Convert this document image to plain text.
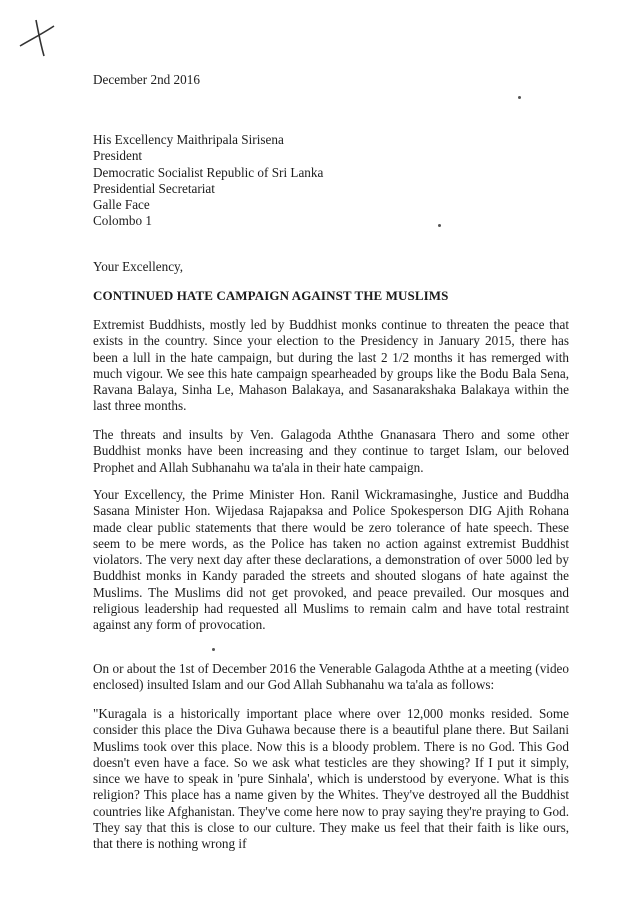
December 2nd 2016
His Excellency Maithripala Sirisena
President
Democratic Socialist Republic of Sri Lanka
Presidential Secretariat
Galle Face
Colombo 1
Your Excellency,
CONTINUED HATE CAMPAIGN AGAINST THE MUSLIMS
Extremist Buddhists, mostly led by Buddhist monks continue to threaten the peace that exists in the country. Since your election to the Presidency in January 2015, there has been a lull in the hate campaign, but during the last 2 1/2 months it has remerged with much vigour. We see this hate campaign spearheaded by groups like the Bodu Bala Sena, Ravana Balaya, Sinha Le, Mahason Balakaya, and Sasanarakshaka Balakaya within the last three months.
The threats and insults by Ven. Galagoda Aththe Gnanasara Thero and some other Buddhist monks have been increasing and they continue to target Islam, our beloved Prophet and Allah Subhanahu wa ta'ala in their hate campaign.
Your Excellency, the Prime Minister Hon. Ranil Wickramasinghe, Justice and Buddha Sasana Minister Hon. Wijedasa Rajapaksa and Police Spokesperson DIG Ajith Rohana made clear public statements that there would be zero tolerance of hate speech. These seem to be mere words, as the Police has taken no action against extremist Buddhist violators. The very next day after these declarations, a demonstration of over 5000 led by Buddhist monks in Kandy paraded the streets and shouted slogans of hate against the Muslims. The Muslims did not get provoked, and peace prevailed. Our mosques and religious leadership had requested all Muslims to remain calm and have total restraint against any form of provocation.
On or about the 1st of December 2016 the Venerable Galagoda Aththe at a meeting (video enclosed) insulted Islam and our God Allah Subhanahu wa ta'ala as follows:
"Kuragala is a historically important place where over 12,000 monks resided. Some consider this place the Diva Guhawa because there is a beautiful plane there. But Sailani Muslims took over this place. Now this is a bloody problem. There is no God. This God doesn't even have a face. So we ask what testicles are they showing? If I put it simply, since we have to speak in 'pure Sinhala', which is understood by everyone. What is this religion? This place has a name given by the Whites. They've destroyed all the Buddhist countries like Afghanistan. They've come here now to pray saying they're praying to God. They say that this is close to our culture. They make us feel that their faith is like ours, that there is nothing wrong if
